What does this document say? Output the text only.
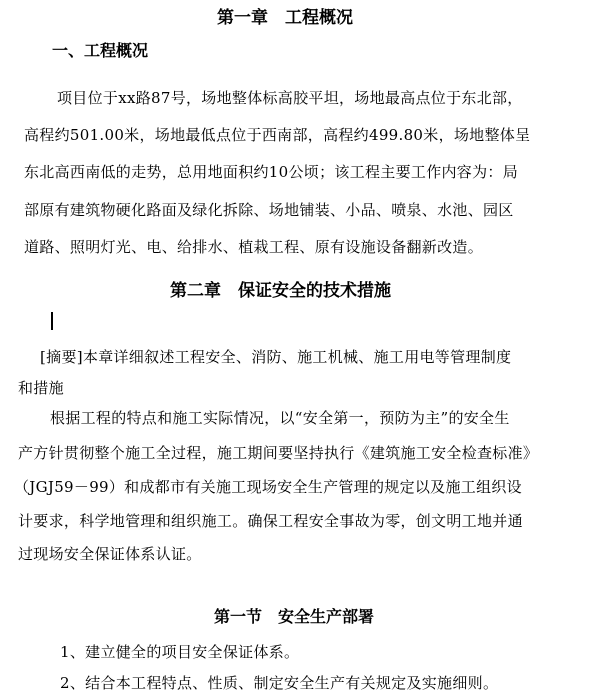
第一章　工程概况

一、工程概况

项目位于xx路87号，场地整体标高胶平坦，场地最高点位于东北部，

高程约501.00米，场地最低点位于西南部，高程约499.80米，场地整体呈

东北高西南低的走势，总用地面积约10公顷；该工程主要工作内容为：局

部原有建筑物硬化路面及绿化拆除、场地铺装、小品、喷泉、水池、园区

道路、照明灯光、电、给排水、植栽工程、原有设施设备翻新改造。

第二章　保证安全的技术措施

[摘要]本章详细叙述工程安全、消防、施工机械、施工用电等管理制度

和措施

根据工程的特点和施工实际情况，以“安全第一，预防为主”的安全生

产方针贯彻整个施工全过程，施工期间要坚持执行《建筑施工安全检查标准》

（JGJ59－99）和成都市有关施工现场安全生产管理的规定以及施工组织设

计要求，科学地管理和组织施工。确保工程安全事故为零，创文明工地并通

过现场安全保证体系认证。

第一节　安全生产部署

1、建立健全的项目安全保证体系。

2、结合本工程特点、性质、制定安全生产有关规定及实施细则。
